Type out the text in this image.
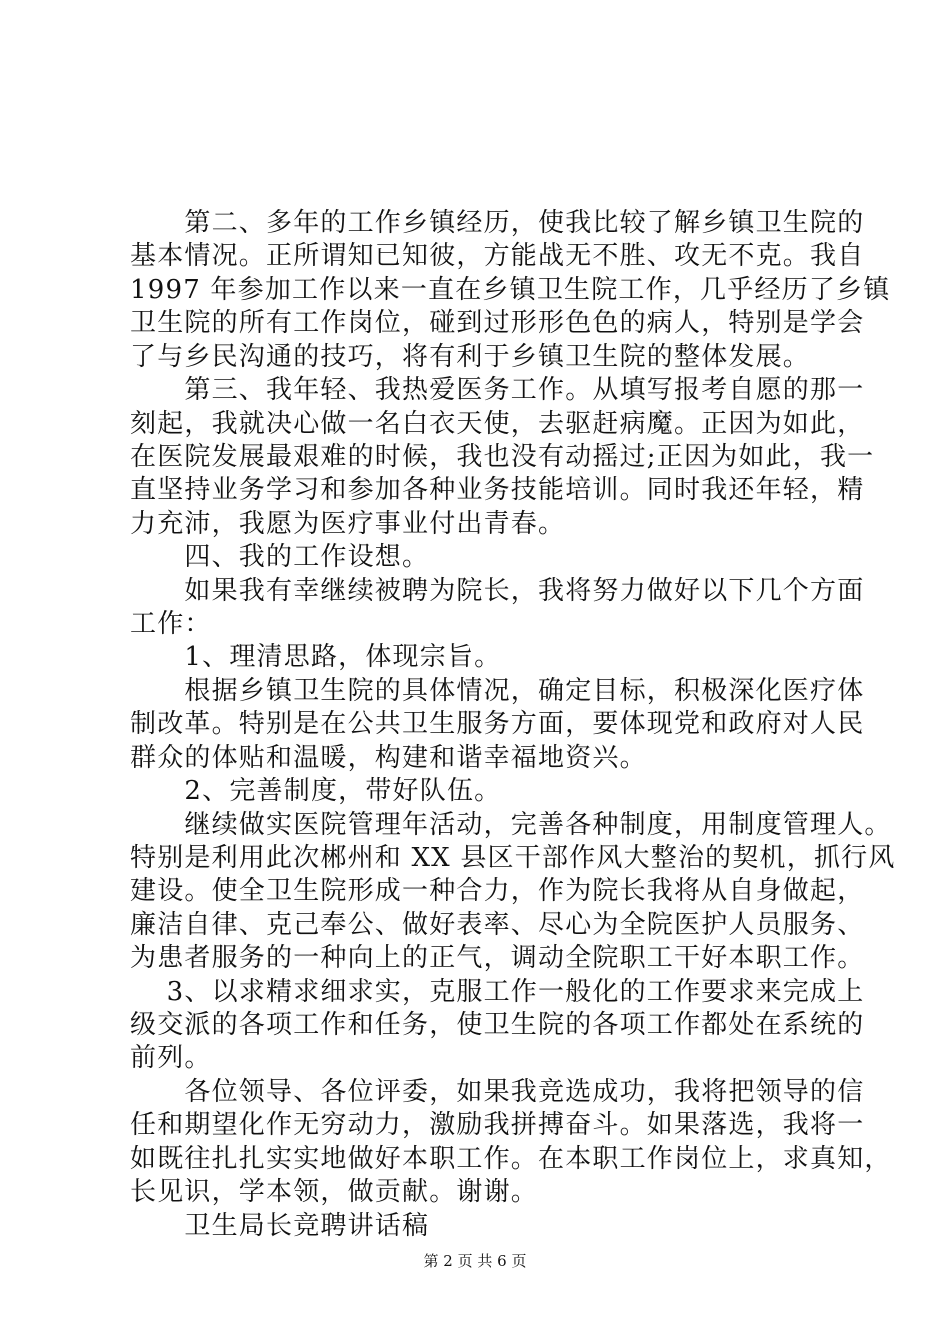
　　第二、多年的工作乡镇经历，使我比较了解乡镇卫生院的
基本情况。正所谓知已知彼，方能战无不胜、攻无不克。我自
1997 年参加工作以来一直在乡镇卫生院工作，几乎经历了乡镇
卫生院的所有工作岗位，碰到过形形色色的病人，特别是学会
了与乡民沟通的技巧，将有利于乡镇卫生院的整体发展。
　　第三、我年轻、我热爱医务工作。从填写报考自愿的那一
刻起，我就决心做一名白衣天使，去驱赶病魔。正因为如此，
在医院发展最艰难的时候，我也没有动摇过;正因为如此，我一
直坚持业务学习和参加各种业务技能培训。同时我还年轻，精
力充沛，我愿为医疗事业付出青春。
　　四、我的工作设想。
　　如果我有幸继续被聘为院长，我将努力做好以下几个方面
工作：
　　1、理清思路，体现宗旨。
　　根据乡镇卫生院的具体情况，确定目标，积极深化医疗体
制改革。特别是在公共卫生服务方面，要体现党和政府对人民
群众的体贴和温暖，构建和谐幸福地资兴。
　　2、完善制度，带好队伍。
　　继续做实医院管理年活动，完善各种制度，用制度管理人。
特别是利用此次郴州和 XX 县区干部作风大整治的契机，抓行风
建设。使全卫生院形成一种合力，作为院长我将从自身做起，
廉洁自律、克己奉公、做好表率、尽心为全院医护人员服务、
为患者服务的一种向上的正气，调动全院职工干好本职工作。
　 3、以求精求细求实，克服工作一般化的工作要求来完成上
级交派的各项工作和任务，使卫生院的各项工作都处在系统的
前列。
　　各位领导、各位评委，如果我竞选成功，我将把领导的信
任和期望化作无穷动力，激励我拼搏奋斗。如果落选，我将一
如既往扎扎实实地做好本职工作。在本职工作岗位上，求真知，
长见识，学本领，做贡献。谢谢。
　　卫生局长竞聘讲话稿
第 2 页 共 6 页
